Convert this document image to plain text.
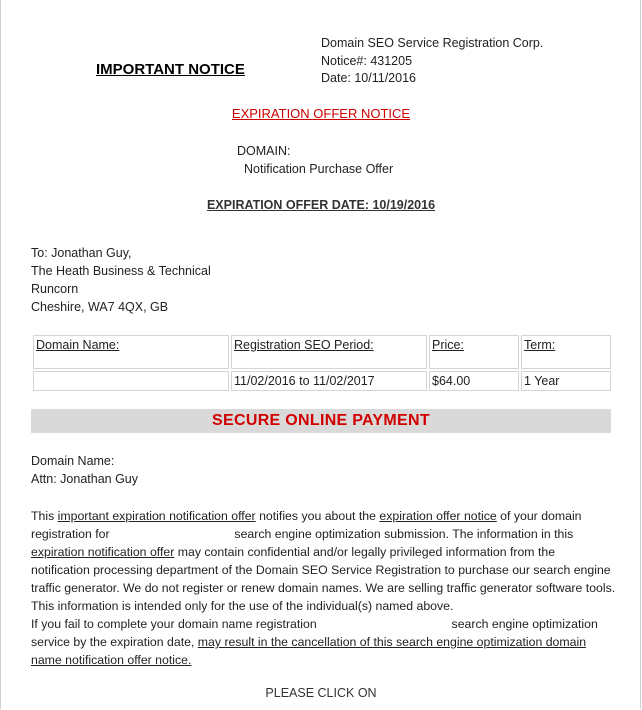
IMPORTANT NOTICE
Domain SEO Service Registration Corp.
Notice#: 431205
Date: 10/11/2016
EXPIRATION OFFER NOTICE
DOMAIN:
Notification Purchase Offer
EXPIRATION OFFER DATE: 10/19/2016
To: Jonathan Guy,
The Heath Business & Technical
Runcorn
Cheshire, WA7 4QX, GB
Domain Name:	Registration SEO Period:	Price:	Term:
	11/02/2016 to 11/02/2017	$64.00	1 Year
SECURE ONLINE PAYMENT
Domain Name:
Attn: Jonathan Guy
This important expiration notification offer notifies you about the expiration offer notice of your domain registration for	search engine optimization submission. The information in this expiration notification offer may contain confidential and/or legally privileged information from the notification processing department of the Domain SEO Service Registration to purchase our search engine traffic generator. We do not register or renew domain names. We are selling traffic generator software tools. This information is intended only for the use of the individual(s) named above.
If you fail to complete your domain name registration	search engine optimization service by the expiration date, may result in the cancellation of this search engine optimization domain name notification offer notice.
PLEASE CLICK ON
